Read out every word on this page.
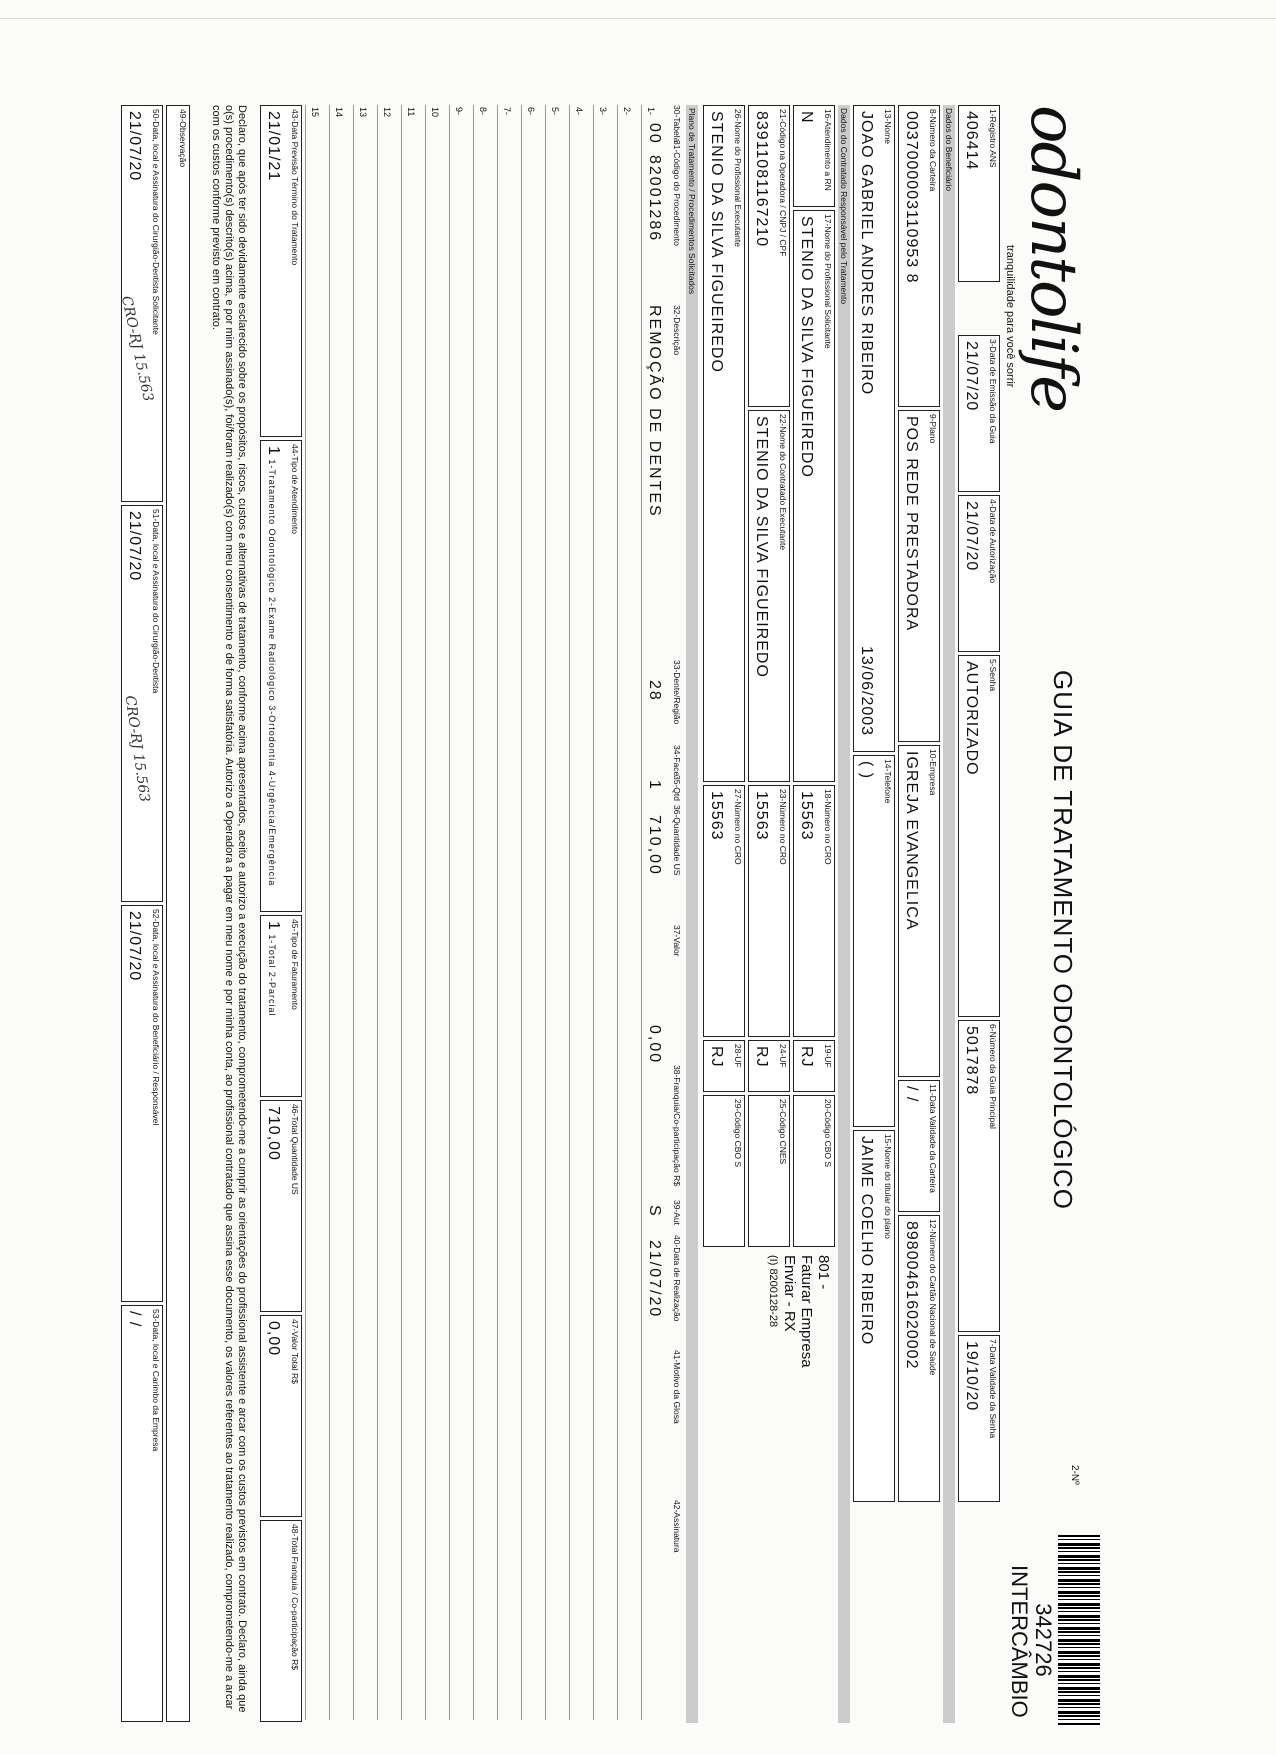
odontolife
tranquilidade para você sorrir
GUIA DE TRATAMENTO ODONTOLÓGICO
2-Nº
342726
INTERCÂMBIO
1-Registro ANS
406414
3-Data de Emissão da Guia
21/07/20
4-Data de Autorização
21/07/20
5-Senha
AUTORIZADO
6-Número da Guia Principal
5017878
7-Data Validade da Senha
19/10/20
Dados do Beneficiário
8-Número da Carteira
0037000003110953 8
9-Plano
POS REDE PRESTADORA
10-Empresa
IGREJA EVANGELICA
11-Data Validade da Carteira
/ /
12-Número do Cartão Nacional de Saúde
898004616020002
13-Nome
JOAO GABRIEL ANDRES RIBEIRO
13/06/2003
14-Telefone
( )
15-Nome do titular do plano
JAIME COELHO RIBEIRO
Dados do Contratado Responsável pelo Tratamento
16-Atendimento a RN
N
17-Nome do Profissional Solicitante
STENIO DA SILVA FIGUEIREDO
18-Número no CRO
15563
19-UF
RJ
20-Código CBO S
21-Código na Operadora / CNPJ / CPF
83911081167210
22-Nome do Contratado Executante
STENIO DA SILVA FIGUEIREDO
23-Número no CRO
15563
24-UF
RJ
25-Código CNES
26-Nome do Profissional Executante
STENIO DA SILVA FIGUEIREDO
27-Número no CRO
15563
28-UF
RJ
29-Código CBO S
801 -
Faturar Empresa
Enviar - RX
(I) 8200128-28
Plano de Tratamento / Procedimentos Solicitados
30-Tabela
31-Código do Procedimento
32-Descrição
33-Dente/Região
34-Face
35-Qtd
36-Quantidade US
37-Valor
38-Franquia/Co-participação R$
39-Aut
40-Data de Realização
41-Motivo da Glosa
42-Assinatura
1-
00
82001286
REMOÇÃO DE DENTES
28
1
710,00
0,00
S
21/07/20
2-
3-
4-
5-
6-
7-
8-
9-
10
11
12
13
14
15
Declaro, que após ter sido devidamente esclarecido sobre os propósitos, riscos, custos e alternativas de tratamento, conforme acima apresentados, aceito e autorizo a execução do tratamento, comprometendo-me a cumprir as orientações do profissional assistente e arcar com os custos previstos em contrato. Declaro, ainda que o(s) procedimento(s) descrito(s) acima, e por mim assinado(s), foi/foram realizado(s) com meu consentimento e de forma satisfatória. Autorizo a Operadora a pagar em meu nome e por minha conta, ao profissional contratado que assina esse documento, os valores referentes ao tratamento realizado, comprometendo-me a arcar com os custos conforme previsto em contrato.	43-Data Previsão Término do Tratamento
21/01/21
44-Tipo de Atendimento
1 1-Tratamento Odontológico 2-Exame Radiológico 3-Ortodontia 4-Urgência/Emergência
45-Tipo de Faturamento
1 1-Total 2-Parcial
46-Total Quantidade US
710,00
47-Valor Total R$
0,00
48-Total Franquia / Co-participação R$
49-Observação
50-Data, local e Assinatura do Cirurgião-Dentista Solicitante
21/07/20
51-Data, local e Assinatura do Cirurgião-Dentista
21/07/20
52-Data, local e Assinatura do Beneficiário / Responsável
21/07/20
53-Data, local e Carimbo da Empresa
/ /
CRO-RJ 15.563
CRO-RJ 15.563
